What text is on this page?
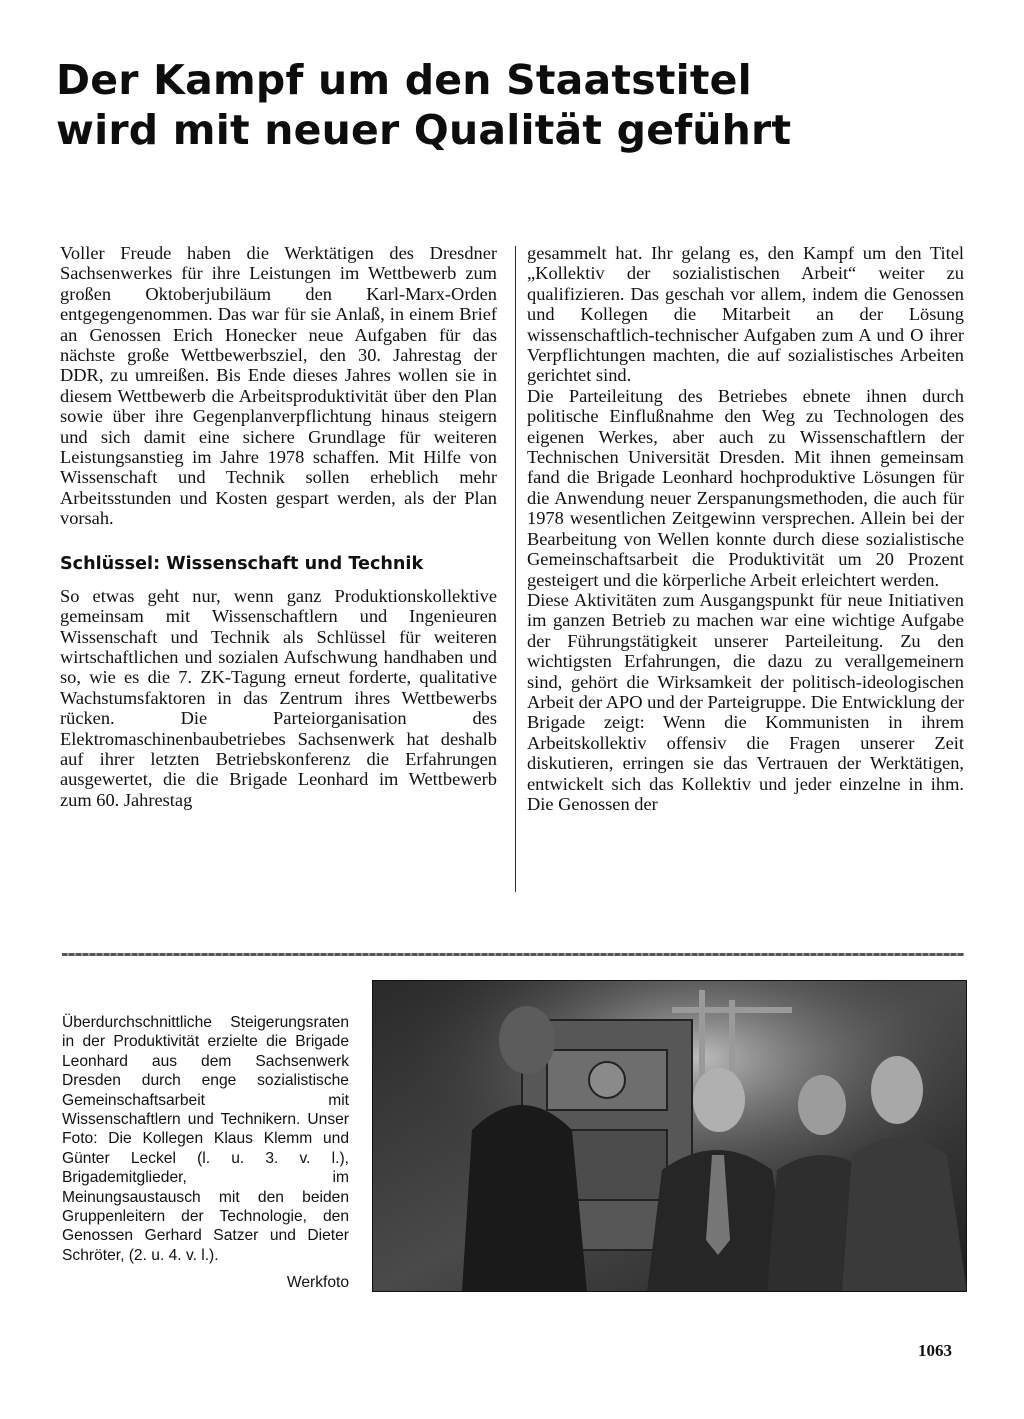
Der Kampf um den Staatstitel
wird mit neuer Qualität geführt

Voller Freude haben die Werktätigen des Dresdner Sachsenwerkes für ihre Leistungen im Wettbewerb zum großen Oktoberjubiläum den Karl-Marx-Orden entgegengenommen. Das war für sie Anlaß, in einem Brief an Genossen Erich Honecker neue Aufgaben für das nächste große Wettbewerbsziel, den 30. Jahrestag der DDR, zu umreißen. Bis Ende dieses Jahres wollen sie in diesem Wettbewerb die Arbeitsproduktivität über den Plan sowie über ihre Gegenplanverpflichtung hinaus steigern und sich damit eine sichere Grundlage für weiteren Leistungsanstieg im Jahre 1978 schaffen. Mit Hilfe von Wissenschaft und Technik sollen erheblich mehr Arbeitsstunden und Kosten gespart werden, als der Plan vorsah.

Schlüssel: Wissenschaft und Technik

So etwas geht nur, wenn ganz Produktionskollektive gemeinsam mit Wissenschaftlern und Ingenieuren Wissenschaft und Technik als Schlüssel für weiteren wirtschaftlichen und sozialen Aufschwung handhaben und so, wie es die 7. ZK-Tagung erneut forderte, qualitative Wachstumsfaktoren in das Zentrum ihres Wettbewerbs rücken. Die Parteiorganisation des Elektromaschinenbaubetriebes Sachsenwerk hat deshalb auf ihrer letzten Betriebskonferenz die Erfahrungen ausgewertet, die die Brigade Leonhard im Wettbewerb zum 60. Jahrestag

gesammelt hat. Ihr gelang es, den Kampf um den Titel „Kollektiv der sozialistischen Arbeit“ weiter zu qualifizieren. Das geschah vor allem, indem die Genossen und Kollegen die Mitarbeit an der Lösung wissenschaftlich-technischer Aufgaben zum A und O ihrer Verpflichtungen machten, die auf sozialistisches Arbeiten gerichtet sind.

Die Parteileitung des Betriebes ebnete ihnen durch politische Einflußnahme den Weg zu Technologen des eigenen Werkes, aber auch zu Wissenschaftlern der Technischen Universität Dresden. Mit ihnen gemeinsam fand die Brigade Leonhard hochproduktive Lösungen für die Anwendung neuer Zerspanungsmethoden, die auch für 1978 wesentlichen Zeitgewinn versprechen. Allein bei der Bearbeitung von Wellen konnte durch diese sozialistische Gemeinschaftsarbeit die Produktivität um 20 Prozent gesteigert und die körperliche Arbeit erleichtert werden.

Diese Aktivitäten zum Ausgangspunkt für neue Initiativen im ganzen Betrieb zu machen war eine wichtige Aufgabe der Führungstätigkeit unserer Parteileitung. Zu den wichtigsten Erfahrungen, die dazu zu verallgemeinern sind, gehört die Wirksamkeit der politisch-ideologischen Arbeit der APO und der Parteigruppe. Die Entwicklung der Brigade zeigt: Wenn die Kommunisten in ihrem Arbeitskollektiv offensiv die Fragen unserer Zeit diskutieren, erringen sie das Vertrauen der Werktätigen, entwickelt sich das Kollektiv und jeder einzelne in ihm. Die Genossen der

Überdurchschnittliche Steigerungsraten in der Produktivität erzielte die Brigade Leonhard aus dem Sachsenwerk Dresden durch enge sozialistische Gemeinschaftsarbeit mit Wissenschaftlern und Technikern. Unser Foto: Die Kollegen Klaus Klemm und Günter Leckel (l. u. 3. v. l.), Brigademitglieder, im Meinungsaustausch mit den beiden Gruppenleitern der Technologie, den Genossen Gerhard Satzer und Dieter Schröter, (2. u. 4. v. l.).

Werkfoto
1063
